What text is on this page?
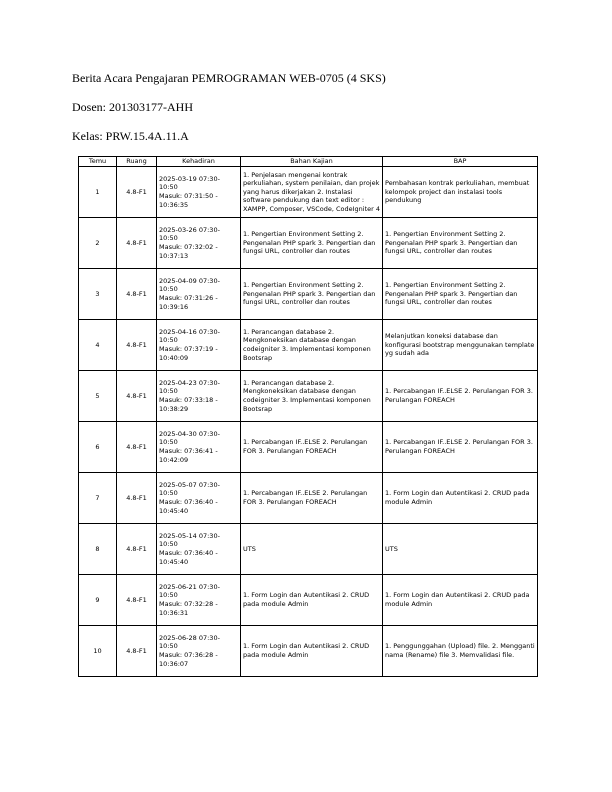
Berita Acara Pengajaran PEMROGRAMAN WEB-0705 (4 SKS)
Dosen: 201303177-AHH
Kelas: PRW.15.4A.11.A
Temu	Ruang	Kehadiran	Bahan Kajian	BAP
1	4.8-F1	2025-03-19 07:30-
10:50
Masuk: 07:31:50 -
10:36:35	1. Penjelasan mengenai kontrak perkuliahan, system penilaian, dan projek yang harus dikerjakan 2. Instalasi software pendukung dan text editor : XAMPP, Composer, VSCode, CodeIgniter 4	Pembahasan kontrak perkuliahan, membuat kelompok project dan instalasi tools pendukung
2	4.8-F1	2025-03-26 07:30-
10:50
Masuk: 07:32:02 -
10:37:13	1. Pengertian Environment Setting 2. Pengenalan PHP spark 3. Pengertian dan fungsi URL, controller dan routes	1. Pengertian Environment Setting 2. Pengenalan PHP spark 3. Pengertian dan fungsi URL, controller dan routes
3	4.8-F1	2025-04-09 07:30-
10:50
Masuk: 07:31:26 -
10:39:16	1. Pengertian Environment Setting 2. Pengenalan PHP spark 3. Pengertian dan fungsi URL, controller dan routes	1. Pengertian Environment Setting 2. Pengenalan PHP spark 3. Pengertian dan fungsi URL, controller dan routes
4	4.8-F1	2025-04-16 07:30-
10:50
Masuk: 07:37:19 -
10:40:09	1. Perancangan database 2. Mengkoneksikan database dengan codeigniter 3. Implementasi komponen Bootsrap	Melanjutkan koneksi database dan konfigurasi bootstrap menggunakan template yg sudah ada
5	4.8-F1	2025-04-23 07:30-
10:50
Masuk: 07:33:18 -
10:38:29	1. Perancangan database 2. Mengkoneksikan database dengan codeigniter 3. Implementasi komponen Bootsrap	1. Percabangan IF..ELSE 2. Perulangan FOR 3. Perulangan FOREACH
6	4.8-F1	2025-04-30 07:30-
10:50
Masuk: 07:36:41 -
10:42:09	1. Percabangan IF..ELSE 2. Perulangan FOR 3. Perulangan FOREACH	1. Percabangan IF..ELSE 2. Perulangan FOR 3. Perulangan FOREACH
7	4.8-F1	2025-05-07 07:30-
10:50
Masuk: 07:36:40 -
10:45:40	1. Percabangan IF..ELSE 2. Perulangan FOR 3. Perulangan FOREACH	1. Form Login dan Autentikasi 2. CRUD pada module Admin
8	4.8-F1	2025-05-14 07:30-
10:50
Masuk: 07:36:40 -
10:45:40	UTS	UTS
9	4.8-F1	2025-06-21 07:30-
10:50
Masuk: 07:32:28 -
10:36:31	1. Form Login dan Autentikasi 2. CRUD pada module Admin	1. Form Login dan Autentikasi 2. CRUD pada module Admin
10	4.8-F1	2025-06-28 07:30-
10:50
Masuk: 07:36:28 -
10:36:07	1. Form Login dan Autentikasi 2. CRUD pada module Admin	1. Penggunggahan (Upload) file. 2. Mengganti nama (Rename) file 3. Memvalidasi file.
